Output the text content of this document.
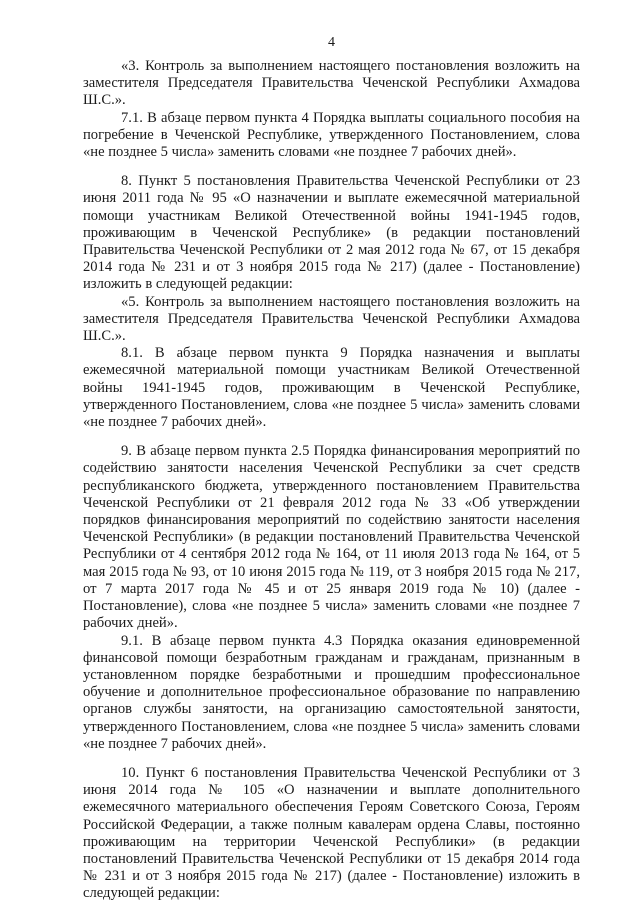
4

«3. Контроль за выполнением настоящего постановления возложить на заместителя Председателя Правительства Чеченской Республики Ахмадова Ш.С.».

7.1. В абзаце первом пункта 4 Порядка выплаты социального пособия на погребение в Чеченской Республике, утвержденного Постановлением, слова «не позднее 5 числа» заменить словами «не позднее 7 рабочих дней».

8. Пункт 5 постановления Правительства Чеченской Республики от 23 июня 2011 года № 95 «О назначении и выплате ежемесячной материальной помощи участникам Великой Отечественной войны 1941-1945 годов, проживающим в Чеченской Республике» (в редакции постановлений Правительства Чеченской Республики от 2 мая 2012 года № 67, от 15 декабря 2014 года № 231 и от 3 ноября 2015 года № 217) (далее - Постановление) изложить в следующей редакции:

«5. Контроль за выполнением настоящего постановления возложить на заместителя Председателя Правительства Чеченской Республики Ахмадова Ш.С.».

8.1. В абзаце первом пункта 9 Порядка назначения и выплаты ежемесячной материальной помощи участникам Великой Отечественной войны 1941-1945 годов, проживающим в Чеченской Республике, утвержденного Постановлением, слова «не позднее 5 числа» заменить словами «не позднее 7 рабочих дней».

9. В абзаце первом пункта 2.5 Порядка финансирования мероприятий по содействию занятости населения Чеченской Республики за счет средств республиканского бюджета, утвержденного постановлением Правительства Чеченской Республики от 21 февраля 2012 года № 33 «Об утверждении порядков финансирования мероприятий по содействию занятости населения Чеченской Республики» (в редакции постановлений Правительства Чеченской Республики от 4 сентября 2012 года № 164, от 11 июля 2013 года № 164, от 5 мая 2015 года № 93, от 10 июня 2015 года № 119, от 3 ноября 2015 года № 217, от 7 марта 2017 года № 45 и от 25 января 2019 года № 10) (далее - Постановление), слова «не позднее 5 числа» заменить словами «не позднее 7 рабочих дней».

9.1. В абзаце первом пункта 4.3 Порядка оказания единовременной финансовой помощи безработным гражданам и гражданам, признанным в установленном порядке безработными и прошедшим профессиональное обучение и дополнительное профессиональное образование по направлению органов службы занятости, на организацию самостоятельной занятости, утвержденного Постановлением, слова «не позднее 5 числа» заменить словами «не позднее 7 рабочих дней».

10. Пункт 6 постановления Правительства Чеченской Республики от 3 июня 2014 года № 105 «О назначении и выплате дополнительного ежемесячного материального обеспечения Героям Советского Союза, Героям Российской Федерации, а также полным кавалерам ордена Славы, постоянно проживающим на территории Чеченской Республики» (в редакции постановлений Правительства Чеченской Республики от 15 декабря 2014 года № 231 и от 3 ноября 2015 года № 217) (далее - Постановление) изложить в следующей редакции:
